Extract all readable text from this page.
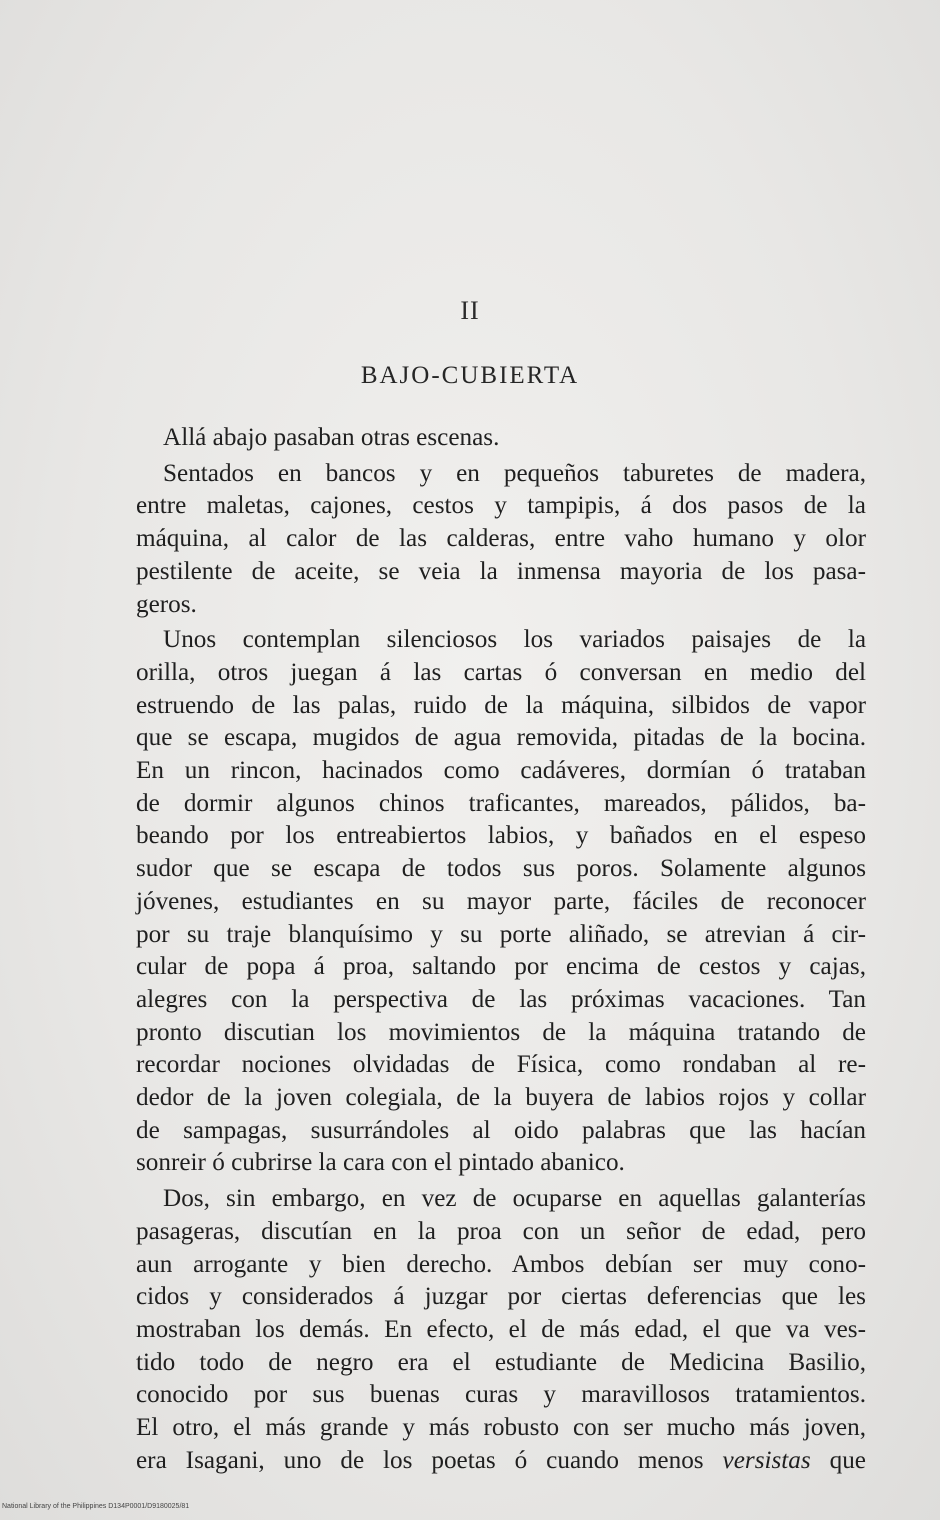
II
BAJO-CUBIERTA
Allá abajo pasaban otras escenas.
Sentados en bancos y en pequeños taburetes de madera,
entre maletas, cajones, cestos y tampipis, á dos pasos de la
máquina, al calor de las calderas, entre vaho humano y olor
pestilente de aceite, se veia la inmensa mayoria de los pasa-
geros.
Unos contemplan silenciosos los variados paisajes de la
orilla, otros juegan á las cartas ó conversan en medio del
estruendo de las palas, ruido de la máquina, silbidos de vapor
que se escapa, mugidos de agua removida, pitadas de la bocina.
En un rincon, hacinados como cadáveres, dormían ó trataban
de dormir algunos chinos traficantes, mareados, pálidos, ba-
beando por los entreabiertos labios, y bañados en el espeso
sudor que se escapa de todos sus poros. Solamente algunos
jóvenes, estudiantes en su mayor parte, fáciles de reconocer
por su traje blanquísimo y su porte aliñado, se atrevian á cir-
cular de popa á proa, saltando por encima de cestos y cajas,
alegres con la perspectiva de las próximas vacaciones. Tan
pronto discutian los movimientos de la máquina tratando de
recordar nociones olvidadas de Física, como rondaban al re-
dedor de la joven colegiala, de la buyera de labios rojos y collar
de sampagas, susurrándoles al oido palabras que las hacían
sonreir ó cubrirse la cara con el pintado abanico.
Dos, sin embargo, en vez de ocuparse en aquellas galanterías
pasageras, discutían en la proa con un señor de edad, pero
aun arrogante y bien derecho. Ambos debían ser muy cono-
cidos y considerados á juzgar por ciertas deferencias que les
mostraban los demás. En efecto, el de más edad, el que va ves-
tido todo de negro era el estudiante de Medicina Basilio,
conocido por sus buenas curas y maravillosos tratamientos.
El otro, el más grande y más robusto con ser mucho más joven,
era Isagani, uno de los poetas ó cuando menos versistas que
National Library of the Philippines D134P0001/D9180025/81
